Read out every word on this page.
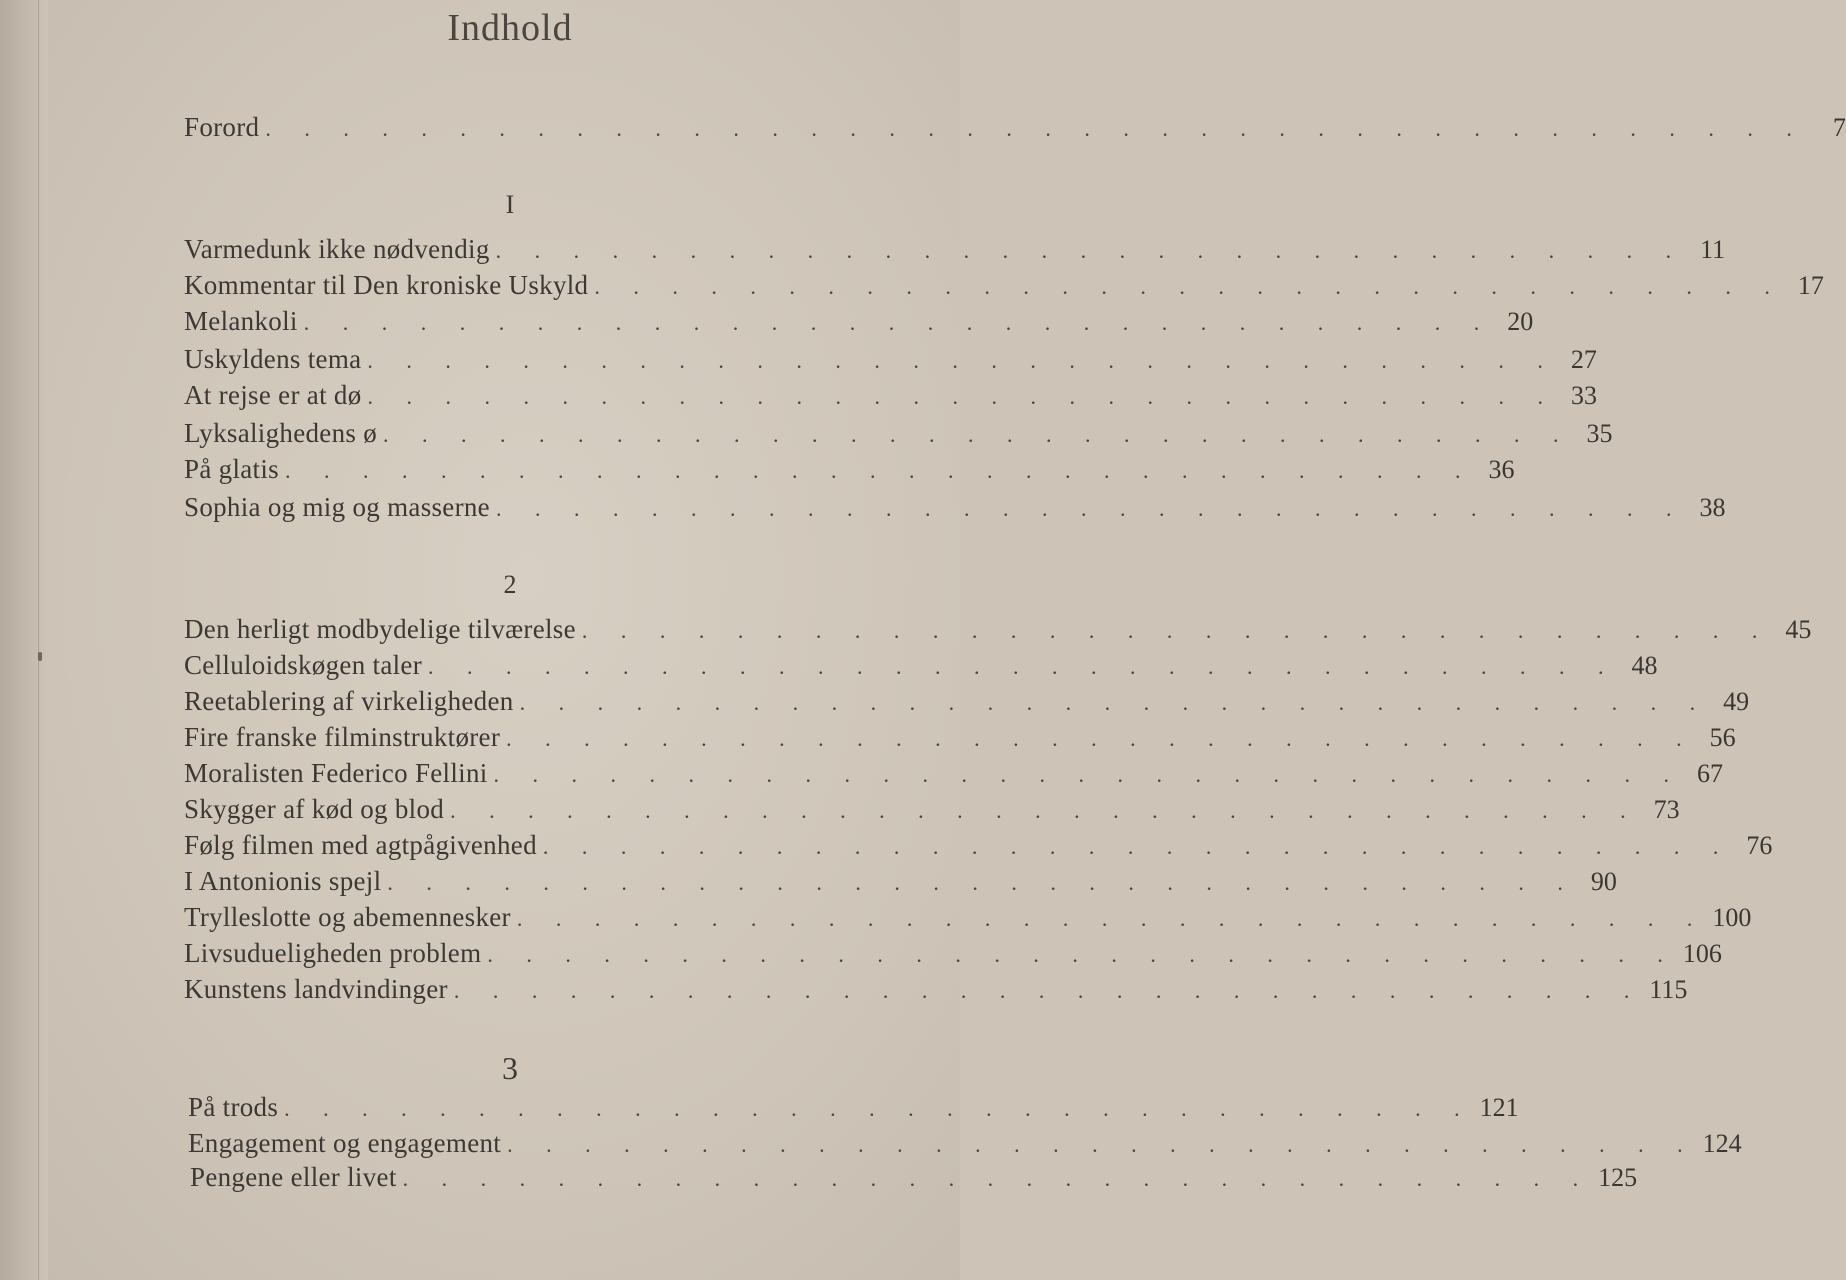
Indhold
Forord . . . . . . . . . . . . . . . . . . . . . . . . . . . . . . . . . . . . . . . .	7
I
Varmedunk ikke nødvendig . . . . . . . . . . . . . . . . . . . . . . . . . . . . . . . 11
Kommentar til Den kroniske Uskyld . . . . . . . . . . . . . . . . . . . . . . . . . . . . . . . 17
Melankoli . . . . . . . . . . . . . . . . . . . . . . . . . . . . . . . 20
Uskyldens tema . . . . . . . . . . . . . . . . . . . . . . . . . . . . . . . 27
At rejse er at dø . . . . . . . . . . . . . . . . . . . . . . . . . . . . . . . 33
Lyksalighedens ø . . . . . . . . . . . . . . . . . . . . . . . . . . . . . . . 35
På glatis . . . . . . . . . . . . . . . . . . . . . . . . . . . . . . . 36
Sophia og mig og masserne . . . . . . . . . . . . . . . . . . . . . . . . . . . . . . . 38
2
Den herligt modbydelige tilværelse . . . . . . . . . . . . . . . . . . . . . . . . . . . . . . . 45
Celluloidskøgen taler . . . . . . . . . . . . . . . . . . . . . . . . . . . . . . . 48
Reetablering af virkeligheden . . . . . . . . . . . . . . . . . . . . . . . . . . . . . . . 49
Fire franske filminstruktører . . . . . . . . . . . . . . . . . . . . . . . . . . . . . . . 56
Moralisten Federico Fellini . . . . . . . . . . . . . . . . . . . . . . . . . . . . . . . 67
Skygger af kød og blod . . . . . . . . . . . . . . . . . . . . . . . . . . . . . . . 73
Følg filmen med agtpågivenhed . . . . . . . . . . . . . . . . . . . . . . . . . . . . . . . 76
I Antonionis spejl . . . . . . . . . . . . . . . . . . . . . . . . . . . . . . . 90
Trylleslotte og abemennesker . . . . . . . . . . . . . . . . . . . . . . . . . . . . . . . 100
Livsudueligheden problem . . . . . . . . . . . . . . . . . . . . . . . . . . . . . . . 106
Kunstens landvindinger . . . . . . . . . . . . . . . . . . . . . . . . . . . . . . . 115
3
På trods . . . . . . . . . . . . . . . . . . . . . . . . . . . . . . . 121
Engagement og engagement . . . . . . . . . . . . . . . . . . . . . . . . . . . . . . . 124
Pengene eller livet . . . . . . . . . . . . . . . . . . . . . . . . . . . . . . . 125
